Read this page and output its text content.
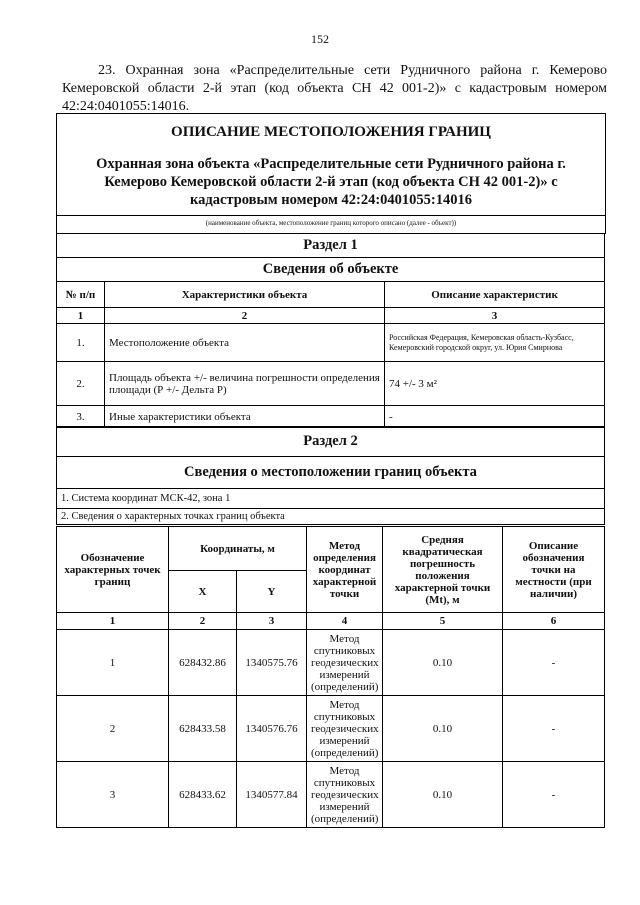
152
23. Охранная зона «Распределительные сети Рудничного района г. Кемерово Кемеровской области 2-й этап (код объекта СН 42 001-2)» с кадастровым номером 42:24:0401055:14016.
ОПИСАНИЕ МЕСТОПОЛОЖЕНИЯ ГРАНИЦ
Охранная зона объекта «Распределительные сети Рудничного района г. Кемерово Кемеровской области 2-й этап (код объекта СН 42 001-2)» с кадастровым номером 42:24:0401055:14016
(наименование объекта, местоположение границ которого описано (далее - объект))
Раздел 1		
Сведения об объекте		
№ п/п	Характеристики объекта	Описание характеристик
1	2	3
1.	Местоположение объекта	Российская Федерация, Кемеровская область-Кузбасс, Кемеровский городской округ, ул. Юрия Смирнова
2.	Площадь объекта +/- величина погрешности определения площади (Р +/- Дельта Р)	74 +/- 3 м²
3.	Иные характеристики объекта	-
Раздел 2
Сведения о местоположении границ объекта
1. Система координат МСК-42, зона 1
2. Сведения о характерных точках границ объекта
Обозначение характерных точек границ	Координаты, м		Метод определения координат характерной точки	Средняя квадратическая погрешность положения характерной точки (Mt), м	Описание обозначения точки на местности (при наличии)
	X	Y			
1	2	3	4	5	6
1	628432.86	1340575.76	Метод спутниковых геодезических измерений (определений)	0.10	-
2	628433.58	1340576.76	Метод спутниковых геодезических измерений (определений)	0.10	-
3	628433.62	1340577.84	Метод спутниковых геодезических измерений (определений)	0.10	-
